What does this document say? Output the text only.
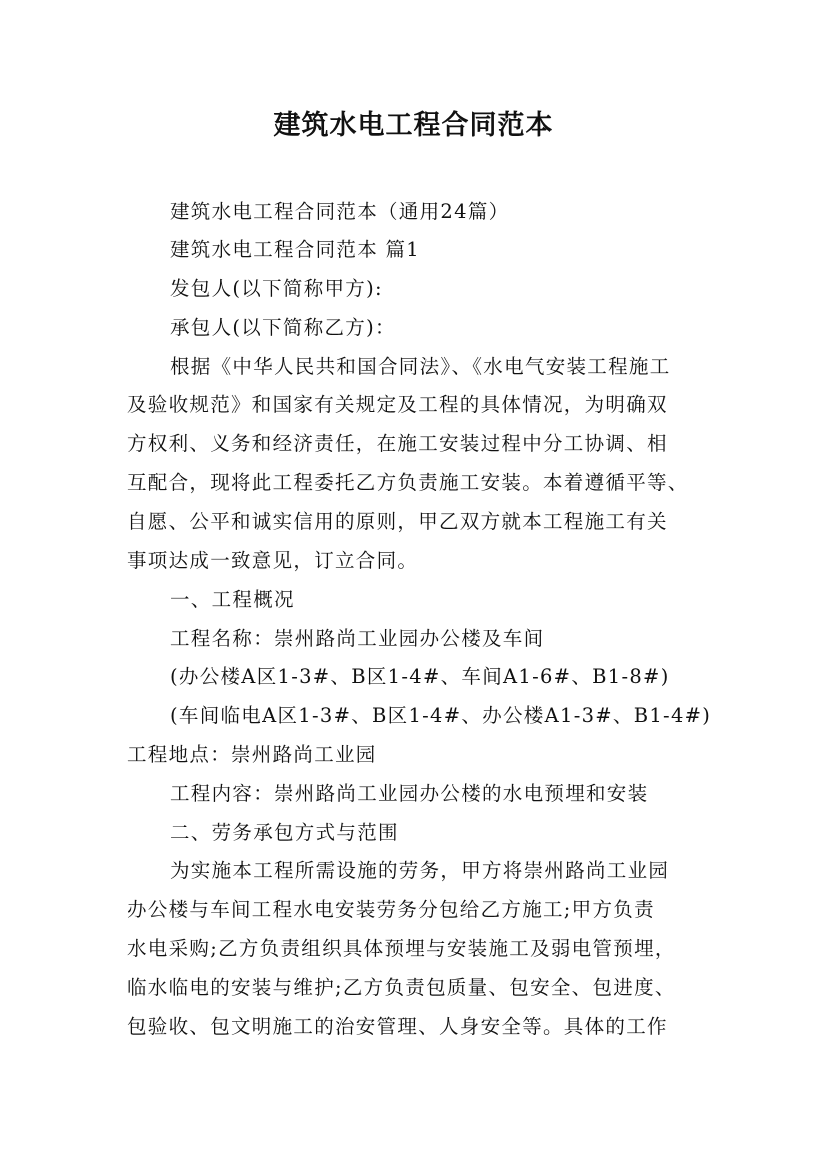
建筑水电工程合同范本
建筑水电工程合同范本（通用24篇）
建筑水电工程合同范本 篇1
发包人(以下简称甲方):
承包人(以下简称乙方)：
根据《中华人民共和国合同法》、《水电气安装工程施工
及验收规范》和国家有关规定及工程的具体情况，为明确双
方权利、义务和经济责任，在施工安装过程中分工协调、相
互配合，现将此工程委托乙方负责施工安装。本着遵循平等、
自愿、公平和诚实信用的原则，甲乙双方就本工程施工有关
事项达成一致意见，订立合同。
一、工程概况
工程名称：崇州路尚工业园办公楼及车间
(办公楼A区1-3#、B区1-4#、车间A1-6#、B1-8#)
(车间临电A区1-3#、B区1-4#、办公楼A1-3#、B1-4#)
工程地点：崇州路尚工业园
工程内容：崇州路尚工业园办公楼的水电预埋和安装
二、劳务承包方式与范围
为实施本工程所需设施的劳务，甲方将崇州路尚工业园
办公楼与车间工程水电安装劳务分包给乙方施工;甲方负责
水电采购;乙方负责组织具体预埋与安装施工及弱电管预埋，
临水临电的安装与维护;乙方负责包质量、包安全、包进度、
包验收、包文明施工的治安管理、人身安全等。具体的工作
